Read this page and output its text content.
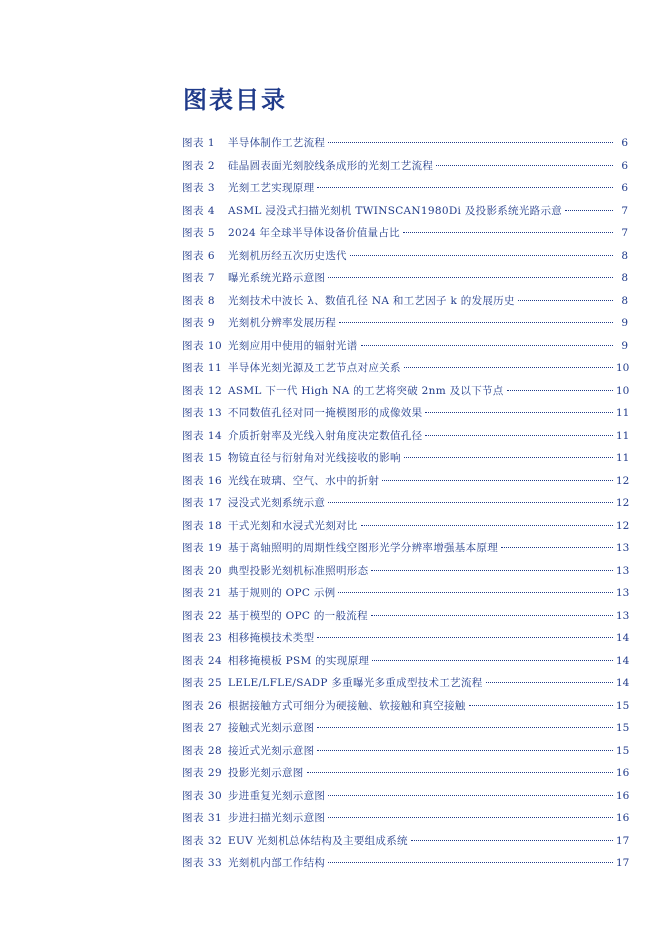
图表目录
图表 1	半导体制作工艺流程	6
图表 2	硅晶圆表面光刻胶线条成形的光刻工艺流程	6
图表 3	光刻工艺实现原理	6
图表 4	ASML 浸没式扫描光刻机 TWINSCAN1980Di 及投影系统光路示意	7
图表 5	2024 年全球半导体设备价值量占比	7
图表 6	光刻机历经五次历史迭代	8
图表 7	曝光系统光路示意图	8
图表 8	光刻技术中波长 λ、数值孔径 NA 和工艺因子 k 的发展历史	8
图表 9	光刻机分辨率发展历程	9
图表 10 光刻应用中使用的辐射光谱	9
图表 11 半导体光刻光源及工艺节点对应关系	10
图表 12 ASML 下一代 High NA 的工艺将突破 2nm 及以下节点	10
图表 13 不同数值孔径对同一掩模图形的成像效果	11
图表 14 介质折射率及光线入射角度决定数值孔径	11
图表 15 物镜直径与衍射角对光线接收的影响	11
图表 16 光线在玻璃、空气、水中的折射	12
图表 17 浸没式光刻系统示意	12
图表 18 干式光刻和水浸式光刻对比	12
图表 19 基于离轴照明的周期性线空图形光学分辨率增强基本原理	13
图表 20 典型投影光刻机标准照明形态	13
图表 21 基于规则的 OPC 示例	13
图表 22 基于模型的 OPC 的一般流程	13
图表 23 相移掩模技术类型	14
图表 24 相移掩模板 PSM 的实现原理	14
图表 25 LELE/LFLE/SADP 多重曝光多重成型技术工艺流程	14
图表 26 根据接触方式可细分为硬接触、软接触和真空接触	15
图表 27 接触式光刻示意图	15
图表 28 接近式光刻示意图	15
图表 29 投影光刻示意图	16
图表 30 步进重复光刻示意图	16
图表 31 步进扫描光刻示意图	16
图表 32 EUV 光刻机总体结构及主要组成系统	17
图表 33 光刻机内部工作结构	17
